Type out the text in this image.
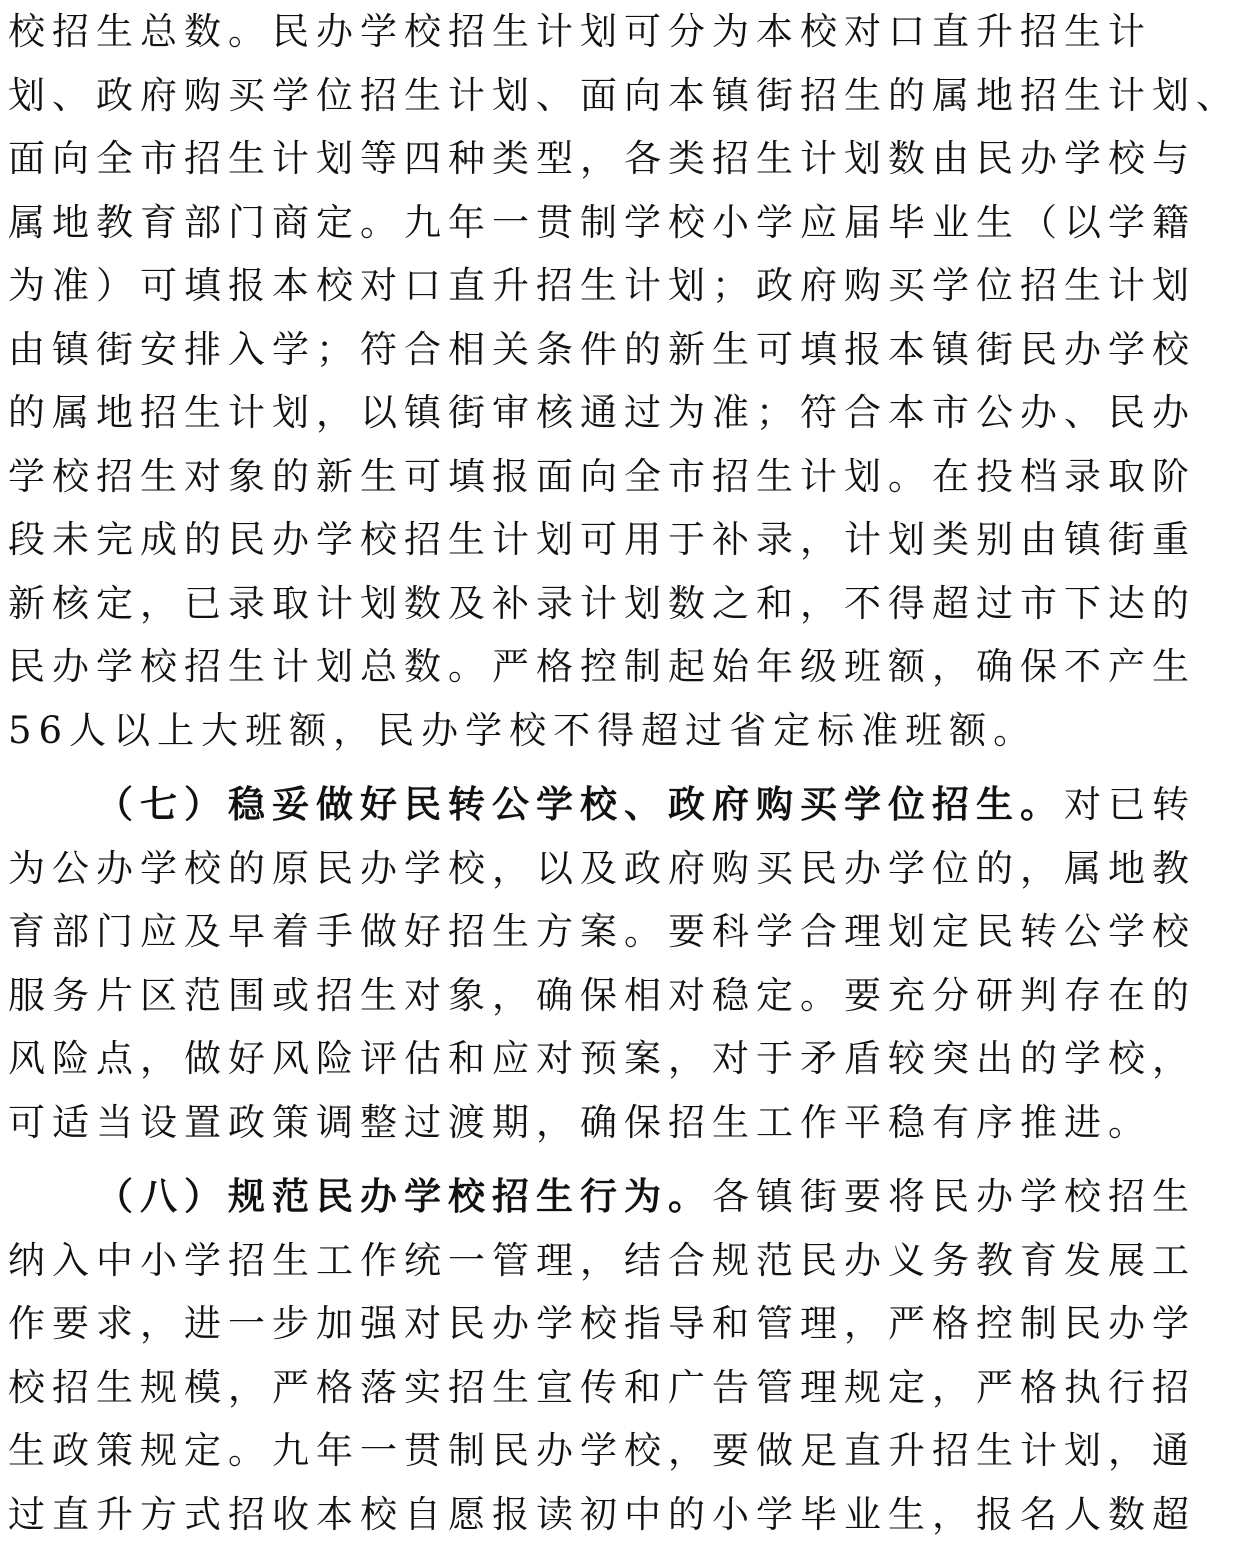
校招生总数。民办学校招生计划可分为本校对口直升招生计
划、政府购买学位招生计划、面向本镇街招生的属地招生计划、
面向全市招生计划等四种类型，各类招生计划数由民办学校与
属地教育部门商定。九年一贯制学校小学应届毕业生（以学籍
为准）可填报本校对口直升招生计划；政府购买学位招生计划
由镇街安排入学；符合相关条件的新生可填报本镇街民办学校
的属地招生计划，以镇街审核通过为准；符合本市公办、民办
学校招生对象的新生可填报面向全市招生计划。在投档录取阶
段未完成的民办学校招生计划可用于补录，计划类别由镇街重
新核定，已录取计划数及补录计划数之和，不得超过市下达的
民办学校招生计划总数。严格控制起始年级班额，确保不产生
56人以上大班额，民办学校不得超过省定标准班额。
（七）稳妥做好民转公学校、政府购买学位招生。对已转
为公办学校的原民办学校，以及政府购买民办学位的，属地教
育部门应及早着手做好招生方案。要科学合理划定民转公学校
服务片区范围或招生对象，确保相对稳定。要充分研判存在的
风险点，做好风险评估和应对预案，对于矛盾较突出的学校，
可适当设置政策调整过渡期，确保招生工作平稳有序推进。
（八）规范民办学校招生行为。各镇街要将民办学校招生
纳入中小学招生工作统一管理，结合规范民办义务教育发展工
作要求，进一步加强对民办学校指导和管理，严格控制民办学
校招生规模，严格落实招生宣传和广告管理规定，严格执行招
生政策规定。九年一贯制民办学校，要做足直升招生计划，通
过直升方式招收本校自愿报读初中的小学毕业生，报名人数超
